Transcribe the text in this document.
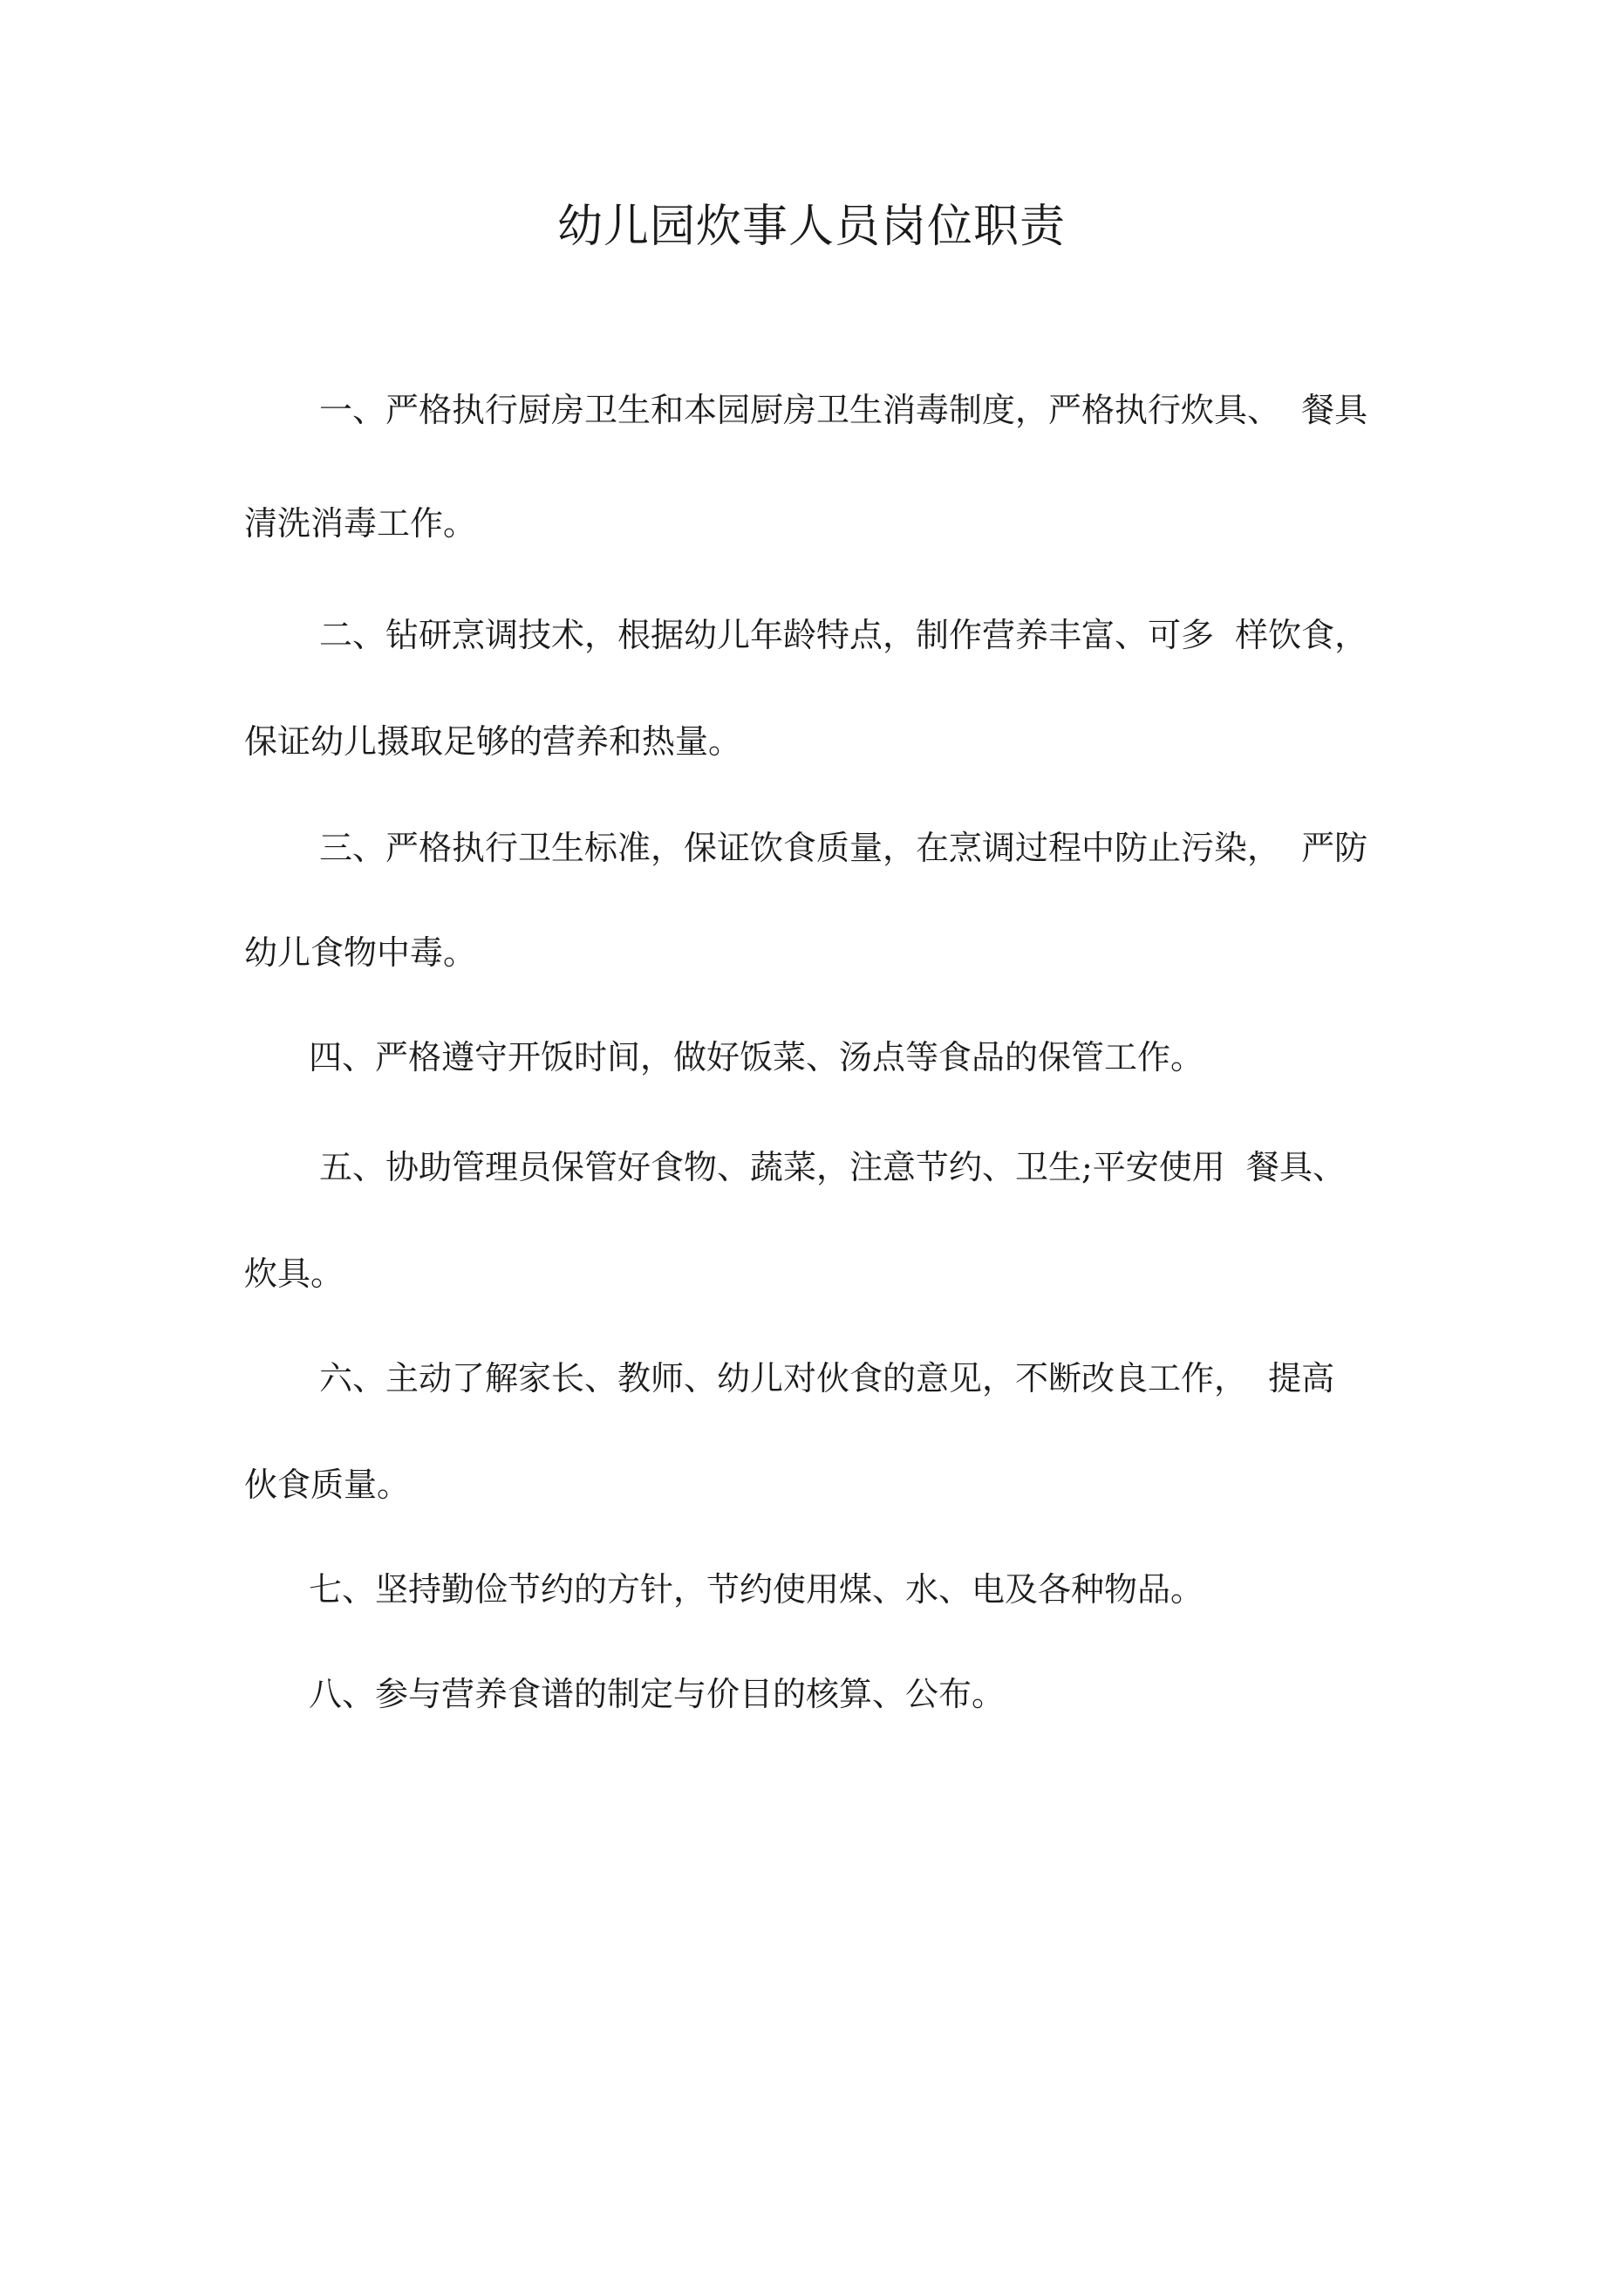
幼儿园炊事人员岗位职责

一、严格执行厨房卫生和本园厨房卫生消毒制度，严格执行炊具、  餐具

清洗消毒工作。

二、钻研烹调技术，根据幼儿年龄特点，制作营养丰富、可多  样饮食，

保证幼儿摄取足够的营养和热量。

三、严格执行卫生标准，保证饮食质量，在烹调过程中防止污染，  严防

幼儿食物中毒。

四、严格遵守开饭时间，做好饭菜、汤点等食品的保管工作。

五、协助管理员保管好食物、蔬菜，注意节约、卫生;平安使用  餐具、

炊具。

六、主动了解家长、教师、幼儿对伙食的意见，不断改良工作，  提高

伙食质量。

七、坚持勤俭节约的方针，节约使用煤、水、电及各种物品。

八、参与营养食谱的制定与价目的核算、公布。
